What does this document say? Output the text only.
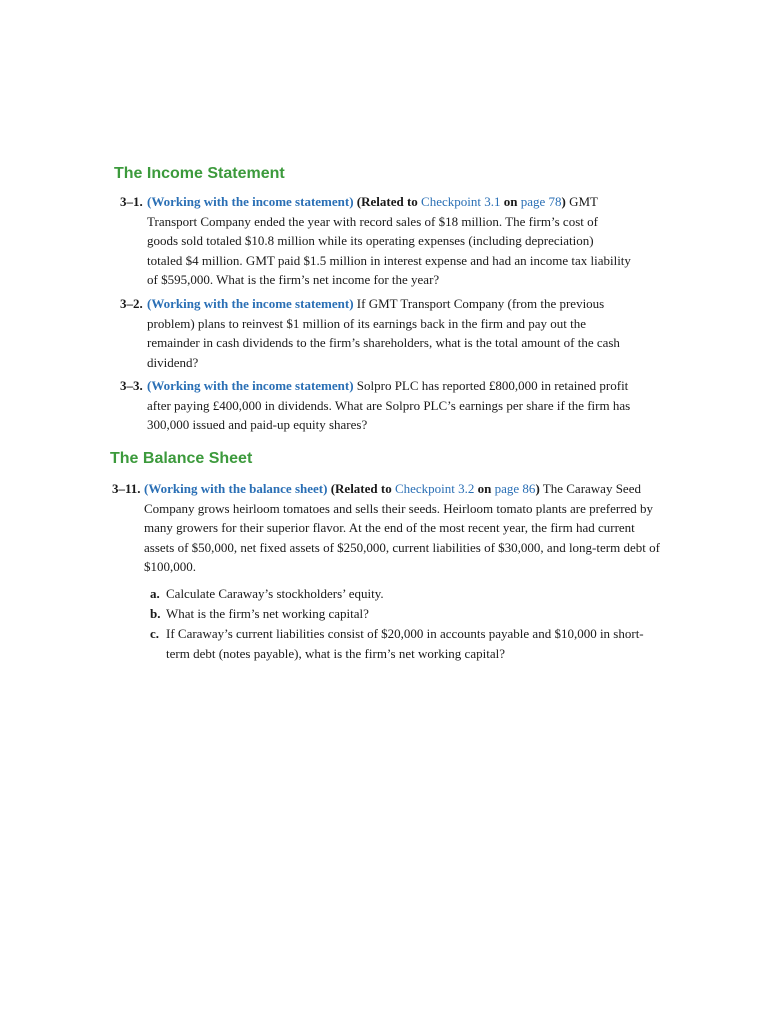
The Income Statement
3–1. (Working with the income statement) (Related to Checkpoint 3.1 on page 78) GMT Transport Company ended the year with record sales of $18 million. The firm’s cost of goods sold totaled $10.8 million while its operating expenses (including depreciation) totaled $4 million. GMT paid $1.5 million in interest expense and had an income tax liability of $595,000. What is the firm’s net income for the year?
3–2. (Working with the income statement) If GMT Transport Company (from the previous problem) plans to reinvest $1 million of its earnings back in the firm and pay out the remainder in cash dividends to the firm’s shareholders, what is the total amount of the cash dividend?
3–3. (Working with the income statement) Solpro PLC has reported £800,000 in retained profit after paying £400,000 in dividends. What are Solpro PLC’s earnings per share if the firm has 300,000 issued and paid-up equity shares?
The Balance Sheet
3–11. (Working with the balance sheet) (Related to Checkpoint 3.2 on page 86) The Caraway Seed Company grows heirloom tomatoes and sells their seeds. Heirloom tomato plants are preferred by many growers for their superior flavor. At the end of the most recent year, the firm had current assets of $50,000, net fixed assets of $250,000, current liabilities of $30,000, and long-term debt of $100,000.

a. Calculate Caraway’s stockholders’ equity.

b. What is the firm’s net working capital?

c. If Caraway’s current liabilities consist of $20,000 in accounts payable and $10,000 in short-term debt (notes payable), what is the firm’s net working capital?
